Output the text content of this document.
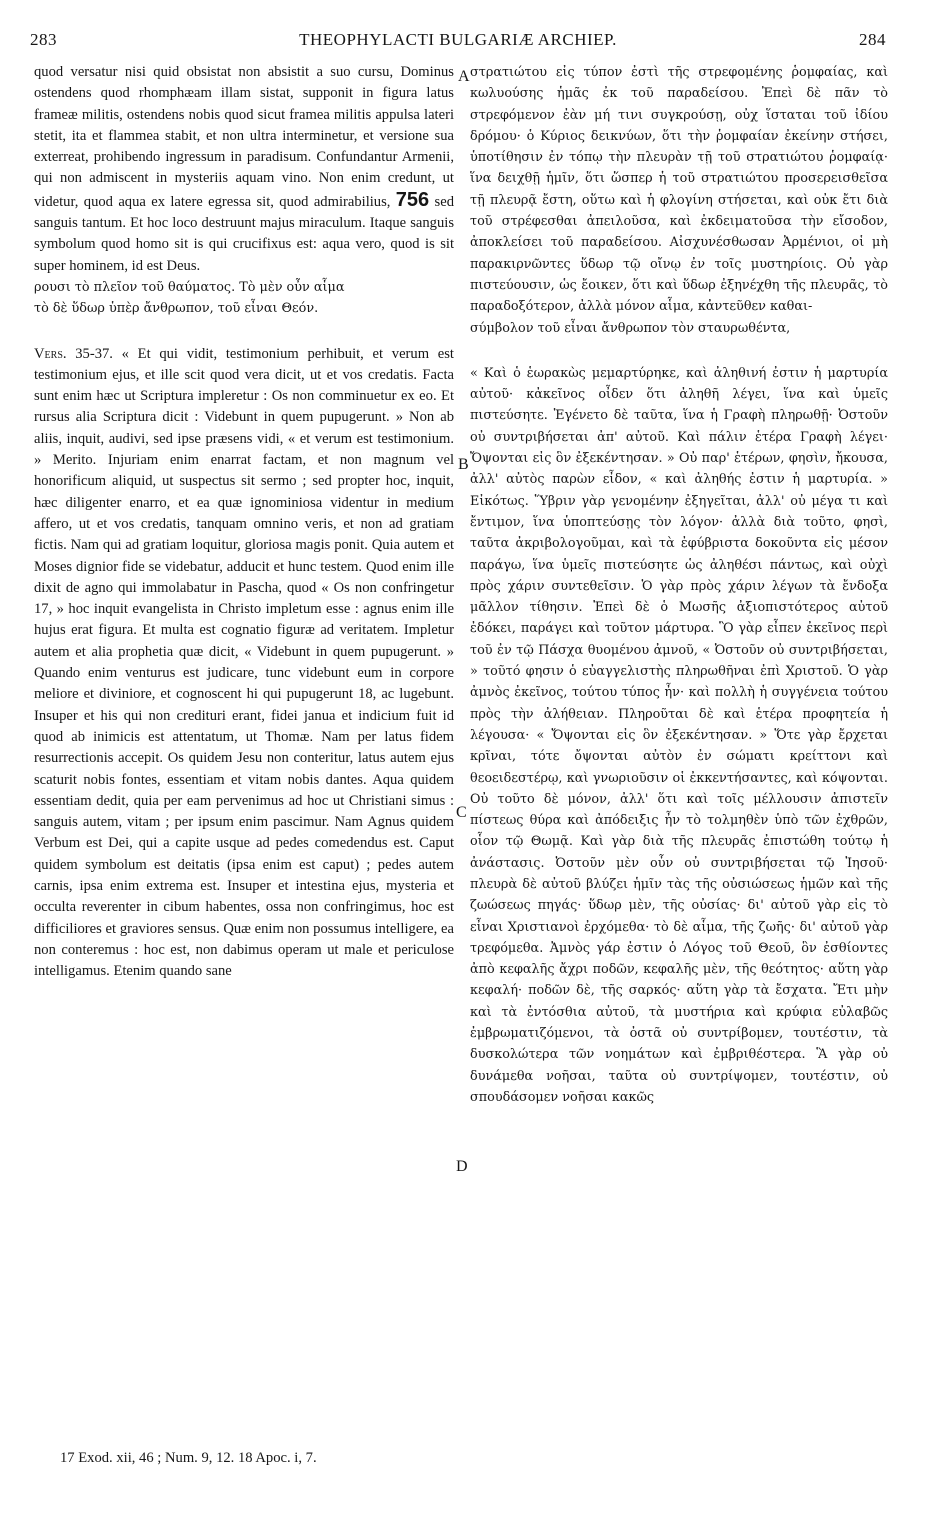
283	THEOPHYLACTI BULGARIÆ ARCHIEP.	284

quod versatur nisi quid obsistat non absistit a suo cursu, Dominus ostendens quod rhomphæam illam sistat, supponit in figura latus frameæ militis, ostendens nobis quod sicut framea militis appulsa lateri stetit, ita et flammea stabit, et non ultra interminetur, et versione sua exterreat, prohibendo ingressum in paradisum. Confundantur Armenii, qui non admiscent in mysteriis aquam vino. Non enim credunt, ut videtur, quod aqua ex latere egressa sit, quod admirabilius, 756 sed sanguis tantum. Et hoc loco destruunt majus miraculum. Itaque sanguis symbolum quod homo sit is qui crucifixus est: aqua vero, quod is sit super hominem, id est Deus.

ρουσι τὸ πλεῖον τοῦ θαύματος. Τὸ μὲν οὖν αἷμα
τὸ δὲ ὕδωρ ὑπὲρ ἄνθρωπον, τοῦ εἶναι Θεόν.

Vers. 35-37. « Et qui vidit, testimonium perhibuit, et verum est testimonium ejus, et ille scit quod vera dicit, ut et vos credatis. Facta sunt enim hæc ut Scriptura impleretur : Os non comminuetur ex eo. Et rursus alia Scriptura dicit : Videbunt in quem pupugerunt. » Non ab aliis, inquit, audivi, sed ipse præsens vidi, « et verum est testimonium. » Merito. Injuriam enim enarrat factam, et non magnum vel honorificum aliquid, ut suspectus sit sermo ; sed propter hoc, inquit, hæc diligenter enarro, et ea quæ ignominiosa videntur in medium affero, ut et vos credatis, tanquam omnino veris, et non ad gratiam fictis. Nam qui ad gratiam loquitur, gloriosa magis ponit. Quia autem et Moses dignior fide se videbatur, adducit et hunc testem. Quod enim ille dixit de agno qui immolabatur in Pascha, quod « Os non confringetur 17, » hoc inquit evangelista in Christo impletum esse : agnus enim ille hujus erat figura. Et multa est cognatio figuræ ad veritatem. Impletur autem et alia prophetia quæ dicit, « Videbunt in quem pupugerunt. » Quando enim venturus est judicare, tunc videbunt eum in corpore meliore et diviniore, et cognoscent hi qui pupugerunt 18, ac lugebunt. Insuper et his qui non credituri erant, fidei janua et indicium fuit id quod ab inimicis est attentatum, ut Thomæ. Nam per latus fidem resurrectionis accepit. Os quidem Jesu non conteritur, latus autem ejus scaturit nobis fontes, essentiam et vitam nobis dantes. Aqua quidem essentiam dedit, quia per eam pervenimus ad hoc ut Christiani simus : sanguis autem, vitam ; per ipsum enim pascimur. Nam Agnus quidem Verbum est Dei, qui a capite usque ad pedes comedendus est. Caput quidem symbolum est deitatis (ipsa enim est caput) ; pedes autem carnis, ipsa enim extrema est. Insuper et intestina ejus, mysteria et occulta reverenter in cibum habentes, ossa non confringimus, hoc est difficiliores et graviores sensus. Quæ enim non possumus intelligere, ea non conteremus : hoc est, non dabimus operam ut male et periculose intelligamus. Etenim quando sane

στρατιώτου εἰς τύπον ἐστὶ τῆς στρεφομένης ῥομφαίας, καὶ κωλυούσης ἡμᾶς ἐκ τοῦ παραδείσου. Ἐπεὶ δὲ πᾶν τὸ στρεφόμενον ἐὰν μή τινι συγκρούσῃ, οὐχ ἵσταται τοῦ ἰδίου δρόμου· ὁ Κύριος δεικνύων, ὅτι τὴν ῥομφαίαν ἐκείνην στήσει, ὑποτίθησιν ἐν τόπῳ τὴν πλευρὰν τῇ τοῦ στρατιώτου ῥομφαίᾳ· ἵνα δειχθῇ ἡμῖν, ὅτι ὥσπερ ἡ τοῦ στρατιώτου προσερεισθεῖσα τῇ πλευρᾷ ἔστη, οὕτω καὶ ἡ φλογίνη στήσεται, καὶ οὐκ ἔτι διὰ τοῦ στρέφεσθαι ἀπειλοῦσα, καὶ ἐκδειματοῦσα τὴν εἴσοδον, ἀποκλείσει τοῦ παραδείσου. Αἰσχυνέσθωσαν Ἀρμένιοι, οἱ μὴ παρακιρνῶντες ὕδωρ τῷ οἴνῳ ἐν τοῖς μυστηρίοις. Οὐ γὰρ πιστεύουσιν, ὡς ἔοικεν, ὅτι καὶ ὕδωρ ἐξηνέχθη τῆς πλευρᾶς, τὸ παραδοξότερον, ἀλλὰ μόνον αἷμα, κἀντεῦθεν καθαι-

σύμβολον τοῦ εἶναι ἄνθρωπον τὸν σταυρωθέντα,

« Καὶ ὁ ἑωρακὼς μεμαρτύρηκε, καὶ ἀληθινή ἐστιν ἡ μαρτυρία αὐτοῦ· κἀκεῖνος οἶδεν ὅτι ἀληθῆ λέγει, ἵνα καὶ ὑμεῖς πιστεύσητε. Ἐγένετο δὲ ταῦτα, ἵνα ἡ Γραφὴ πληρωθῇ· Ὀστοῦν οὐ συντριβήσεται ἀπ' αὐτοῦ. Καὶ πάλιν ἑτέρα Γραφὴ λέγει· Ὄψονται εἰς ὃν ἐξεκέντησαν. » Οὐ παρ' ἑτέρων, φησὶν, ἤκουσα, ἀλλ' αὐτὸς παρὼν εἶδον, « καὶ ἀληθής ἐστιν ἡ μαρτυρία. » Εἰκότως. Ὕβριν γὰρ γενομένην ἐξηγεῖται, ἀλλ' οὐ μέγα τι καὶ ἔντιμον, ἵνα ὑποπτεύσῃς τὸν λόγον· ἀλλὰ διὰ τοῦτο, φησὶ, ταῦτα ἀκριβολογοῦμαι, καὶ τὰ ἐφύβριστα δοκοῦντα εἰς μέσον παράγω, ἵνα ὑμεῖς πιστεύσητε ὡς ἀληθέσι πάντως, καὶ οὐχὶ πρὸς χάριν συντεθεῖσιν. Ὁ γὰρ πρὸς χάριν λέγων τὰ ἔνδοξα μᾶλλον τίθησιν. Ἐπεὶ δὲ ὁ Μωσῆς ἀξιοπιστότερος αὐτοῦ ἐδόκει, παράγει καὶ τοῦτον μάρτυρα. Ὃ γὰρ εἶπεν ἐκεῖνος περὶ τοῦ ἐν τῷ Πάσχα θυομένου ἀμνοῦ, « Ὀστοῦν οὐ συντριβήσεται, » τοῦτό φησιν ὁ εὐαγγελιστὴς πληρωθῆναι ἐπὶ Χριστοῦ. Ὁ γὰρ ἀμνὸς ἐκεῖνος, τούτου τύπος ἦν· καὶ πολλὴ ἡ συγγένεια τούτου πρὸς τὴν ἀλήθειαν. Πληροῦται δὲ καὶ ἑτέρα προφητεία ἡ λέγουσα· « Ὄψονται εἰς ὃν ἐξεκέντησαν. » Ὅτε γὰρ ἔρχεται κρῖναι, τότε ὄψονται αὐτὸν ἐν σώματι κρείττονι καὶ θεοειδεστέρῳ, καὶ γνωριοῦσιν οἱ ἐκκεντήσαντες, καὶ κόψονται. Οὐ τοῦτο δὲ μόνον, ἀλλ' ὅτι καὶ τοῖς μέλλουσιν ἀπιστεῖν πίστεως θύρα καὶ ἀπόδειξις ἦν τὸ τολμηθὲν ὑπὸ τῶν ἐχθρῶν, οἷον τῷ Θωμᾷ. Καὶ γὰρ διὰ τῆς πλευρᾶς ἐπιστώθη τούτῳ ἡ ἀνάστασις. Ὀστοῦν μὲν οὖν οὐ συντριβήσεται τῷ Ἰησοῦ· πλευρὰ δὲ αὐτοῦ βλύζει ἡμῖν τὰς τῆς οὐσιώσεως ἡμῶν καὶ τῆς ζωώσεως πηγάς· ὕδωρ μὲν, τῆς οὐσίας· δι' αὐτοῦ γὰρ εἰς τὸ εἶναι Χριστιανοὶ ἐρχόμεθα· τὸ δὲ αἷμα, τῆς ζωῆς· δι' αὐτοῦ γὰρ τρεφόμεθα. Ἀμνὸς γάρ ἐστιν ὁ Λόγος τοῦ Θεοῦ, ὃν ἐσθίοντες ἀπὸ κεφαλῆς ἄχρι ποδῶν, κεφαλῆς μὲν, τῆς θεότητος· αὕτη γὰρ κεφαλή· ποδῶν δὲ, τῆς σαρκός· αὕτη γὰρ τὰ ἔσχατα. Ἔτι μὴν καὶ τὰ ἐντόσθια αὐτοῦ, τὰ μυστήρια καὶ κρύφια εὐλαβῶς ἐμβρωματιζόμενοι, τὰ ὀστᾶ οὐ συντρίβομεν, τουτέστιν, τὰ δυσκολώτερα τῶν νοημάτων καὶ ἐμβριθέστερα. Ἃ γὰρ οὐ δυνάμεθα νοῆσαι, ταῦτα οὐ συντρίψομεν, τουτέστιν, οὐ σπουδάσομεν νοῆσαι κακῶς

A
B
C
D
17 Exod. xii, 46 ; Num. 9, 12. 18 Apoc. i, 7.
